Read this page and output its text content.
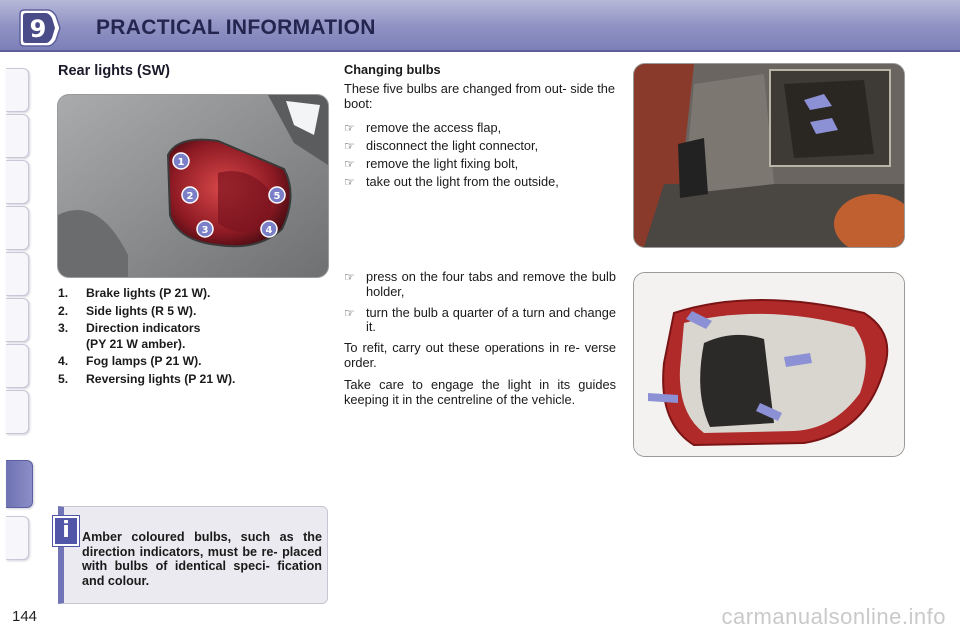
9 PRACTICAL INFORMATION
Rear lights (SW)
1
2
3	4
5
1.	Brake lights (P 21 W).
2.	Side lights (R 5 W).
3.	Direction indicators
(PY 21 W amber).
4.	Fog lamps (P 21 W).
5.	Reversing lights (P 21 W).

Changing bulbs

These five bulbs are changed from out- side the boot:

☞ remove the access flap,
☞ disconnect the light connector,
☞ remove the light fixing bolt,
☞ take out the light from the outside,
☞ press on the four tabs and remove the bulb holder,
☞ turn the bulb a quarter of a turn and change it.

To refit, carry out these operations in re- verse order.

Take care to engage the light in its guides keeping it in the centreline of the vehicle.

i Amber coloured bulbs, such as the direction indicators, must be re- placed with bulbs of identical speci- fication and colour.
144	carmanualsonline.info
